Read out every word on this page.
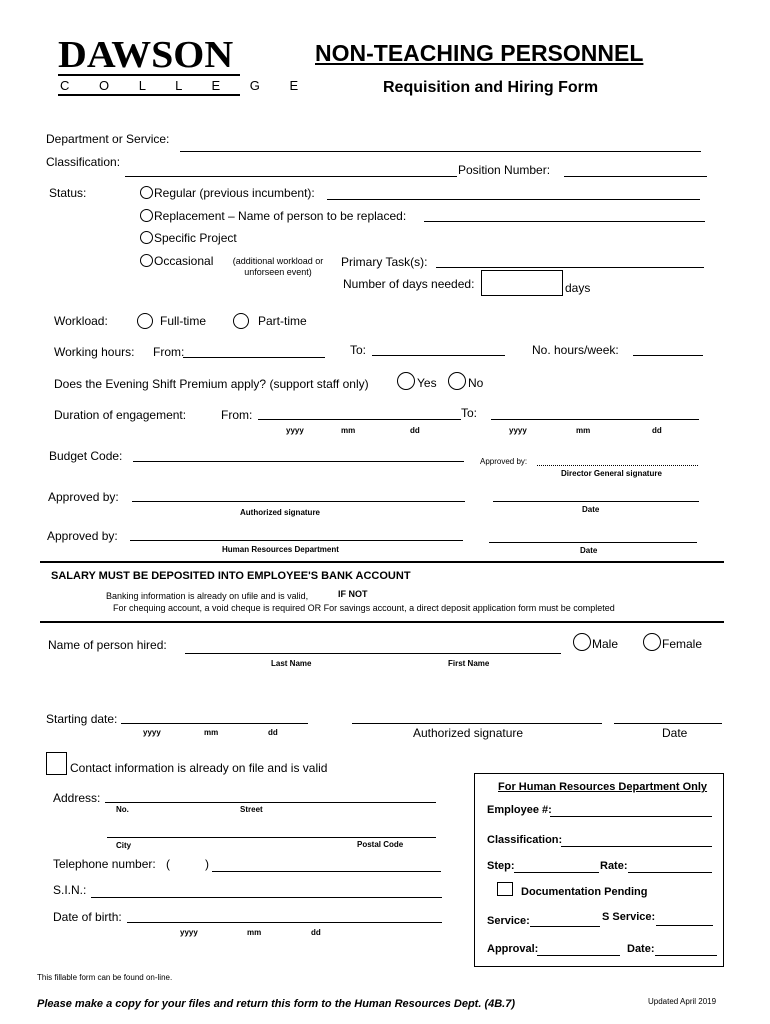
DAWSON
C O L L E G E
NON-TEACHING PERSONNEL
Requisition and Hiring Form
Department or Service:
Classification:
Position Number:
Status:	Regular (previous incumbent):
Replacement – Name of person to be replaced:
Specific Project
Occasional	(additional workload or
unforseen event)
Primary Task(s):
Number of days needed:	days
Workload:	Full-time	Part-time
Working hours: From:	To:	No. hours/week:
Does the Evening Shift Premium apply? (support staff only)	Yes	No
Duration of engagement:	From:	To:
yyyy	mm	dd	yyyy	mm	dd
Budget Code:	Approved by:
Director General signature
Approved by:
Authorized signature	Date
Approved by:
Human Resources Department	Date
SALARY MUST BE DEPOSITED INTO EMPLOYEE'S BANK ACCOUNT
Banking information is already on ufile and is valid,	IF NOT
For chequing account, a void cheque is required OR For savings account, a direct deposit application form must be completed
Name of person hired:	Male	Female
Last Name	First Name
Starting date:
yyyy	mm	dd	Authorized signature	Date
Contact information is already on file and is valid
Address:
No.	Street
City	Postal Code
Telephone number: (	)
S.I.N.:
Date of birth:
yyyy	mm	dd
For Human Resources Department Only
Employee #:
Classification:
Step:	Rate:
Documentation Pending
Service:	S Service:
Approval:	Date:
This fillable form can be found on-line.
Updated April 2019
Please make a copy for your files and return this form to the Human Resources Dept. (4B.7)
